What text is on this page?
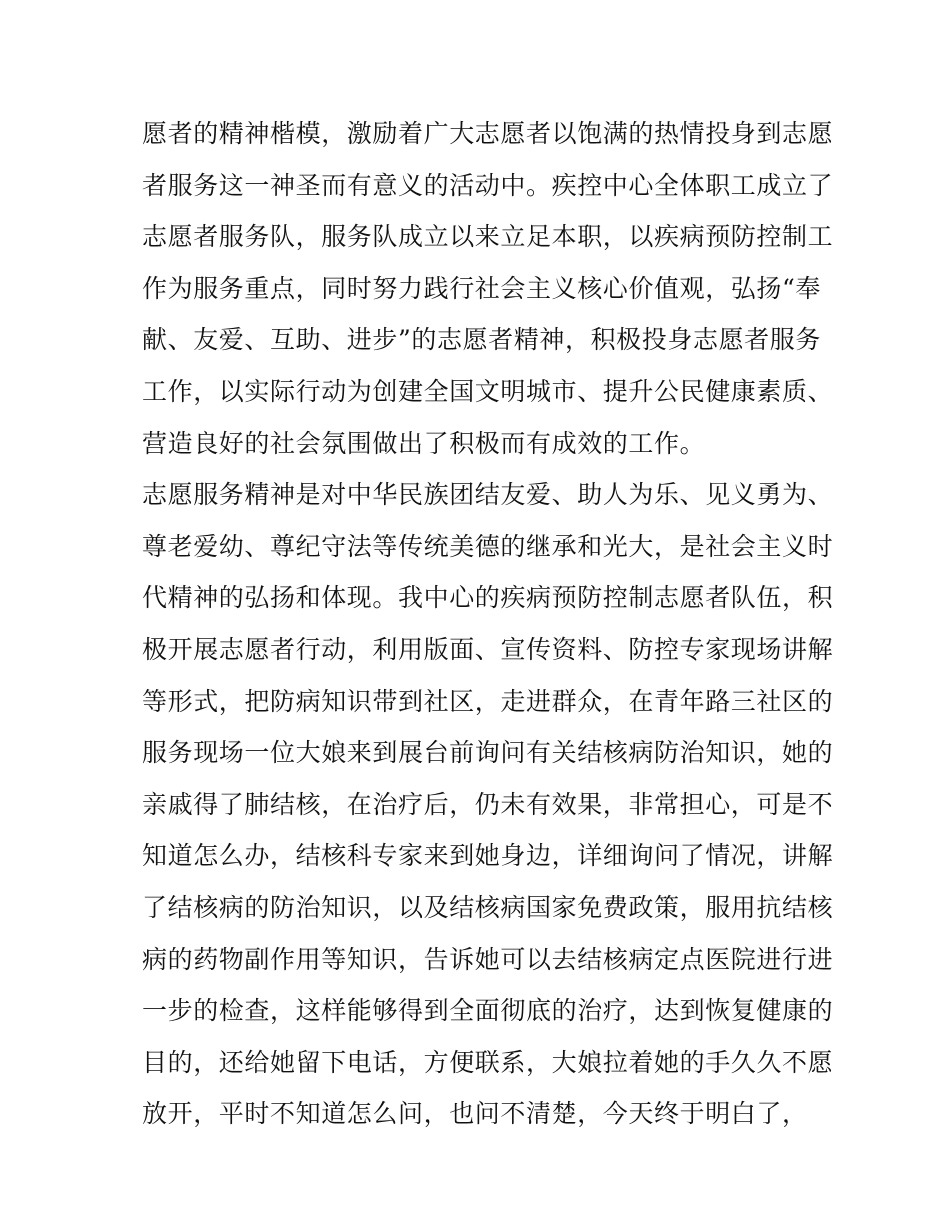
愿者的精神楷模，激励着广大志愿者以饱满的热情投身到志愿
者服务这一神圣而有意义的活动中。疾控中心全体职工成立了
志愿者服务队，服务队成立以来立足本职，以疾病预防控制工
作为服务重点，同时努力践行社会主义核心价值观，弘扬“奉
献、友爱、互助、进步”的志愿者精神，积极投身志愿者服务
工作，以实际行动为创建全国文明城市、提升公民健康素质、
营造良好的社会氛围做出了积极而有成效的工作。
志愿服务精神是对中华民族团结友爱、助人为乐、见义勇为、
尊老爱幼、尊纪守法等传统美德的继承和光大，是社会主义时
代精神的弘扬和体现。我中心的疾病预防控制志愿者队伍，积
极开展志愿者行动，利用版面、宣传资料、防控专家现场讲解
等形式，把防病知识带到社区，走进群众，在青年路三社区的
服务现场一位大娘来到展台前询问有关结核病防治知识，她的
亲戚得了肺结核，在治疗后，仍未有效果，非常担心，可是不
知道怎么办，结核科专家来到她身边，详细询问了情况，讲解
了结核病的防治知识，以及结核病国家免费政策，服用抗结核
病的药物副作用等知识，告诉她可以去结核病定点医院进行进
一步的检查，这样能够得到全面彻底的治疗，达到恢复健康的
目的，还给她留下电话，方便联系，大娘拉着她的手久久不愿
放开，平时不知道怎么问，也问不清楚，今天终于明白了，
